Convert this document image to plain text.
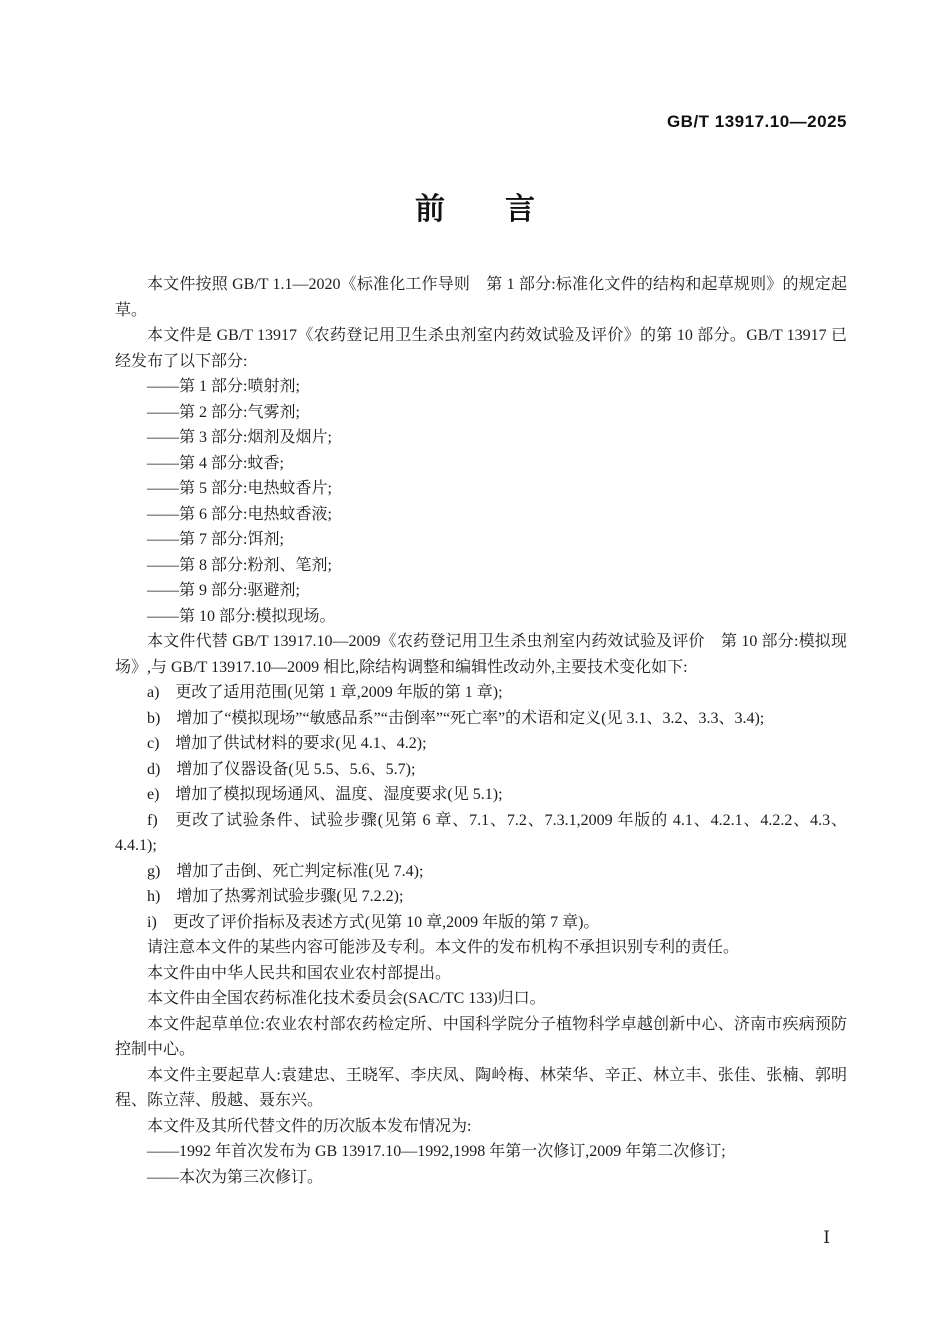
GB/T 13917.10—2025
前　　言

本文件按照 GB/T 1.1—2020《标准化工作导则　第 1 部分:标准化文件的结构和起草规则》的规定起草。

本文件是 GB/T 13917《农药登记用卫生杀虫剂室内药效试验及评价》的第 10 部分。GB/T 13917 已经发布了以下部分:

——第 1 部分:喷射剂;

——第 2 部分:气雾剂;

——第 3 部分:烟剂及烟片;

——第 4 部分:蚊香;

——第 5 部分:电热蚊香片;

——第 6 部分:电热蚊香液;

——第 7 部分:饵剂;

——第 8 部分:粉剂、笔剂;

——第 9 部分:驱避剂;

——第 10 部分:模拟现场。

本文件代替 GB/T 13917.10—2009《农药登记用卫生杀虫剂室内药效试验及评价　第 10 部分:模拟现场》,与 GB/T 13917.10—2009 相比,除结构调整和编辑性改动外,主要技术变化如下:

a)　更改了适用范围(见第 1 章,2009 年版的第 1 章);

b)　增加了“模拟现场”“敏感品系”“击倒率”“死亡率”的术语和定义(见 3.1、3.2、3.3、3.4);

c)　增加了供试材料的要求(见 4.1、4.2);

d)　增加了仪器设备(见 5.5、5.6、5.7);

e)　增加了模拟现场通风、温度、湿度要求(见 5.1);

f)　更改了试验条件、试验步骤(见第 6 章、7.1、7.2、7.3.1,2009 年版的 4.1、4.2.1、4.2.2、4.3、4.4.1);

g)　增加了击倒、死亡判定标准(见 7.4);

h)　增加了热雾剂试验步骤(见 7.2.2);

i)　更改了评价指标及表述方式(见第 10 章,2009 年版的第 7 章)。

请注意本文件的某些内容可能涉及专利。本文件的发布机构不承担识别专利的责任。

本文件由中华人民共和国农业农村部提出。

本文件由全国农药标准化技术委员会(SAC/TC 133)归口。

本文件起草单位:农业农村部农药检定所、中国科学院分子植物科学卓越创新中心、济南市疾病预防控制中心。

本文件主要起草人:袁建忠、王晓军、李庆凤、陶岭梅、林荣华、辛正、林立丰、张佳、张楠、郭明程、陈立萍、殷越、聂东兴。

本文件及其所代替文件的历次版本发布情况为:

——1992 年首次发布为 GB 13917.10—1992,1998 年第一次修订,2009 年第二次修订;

——本次为第三次修订。

Ⅰ
